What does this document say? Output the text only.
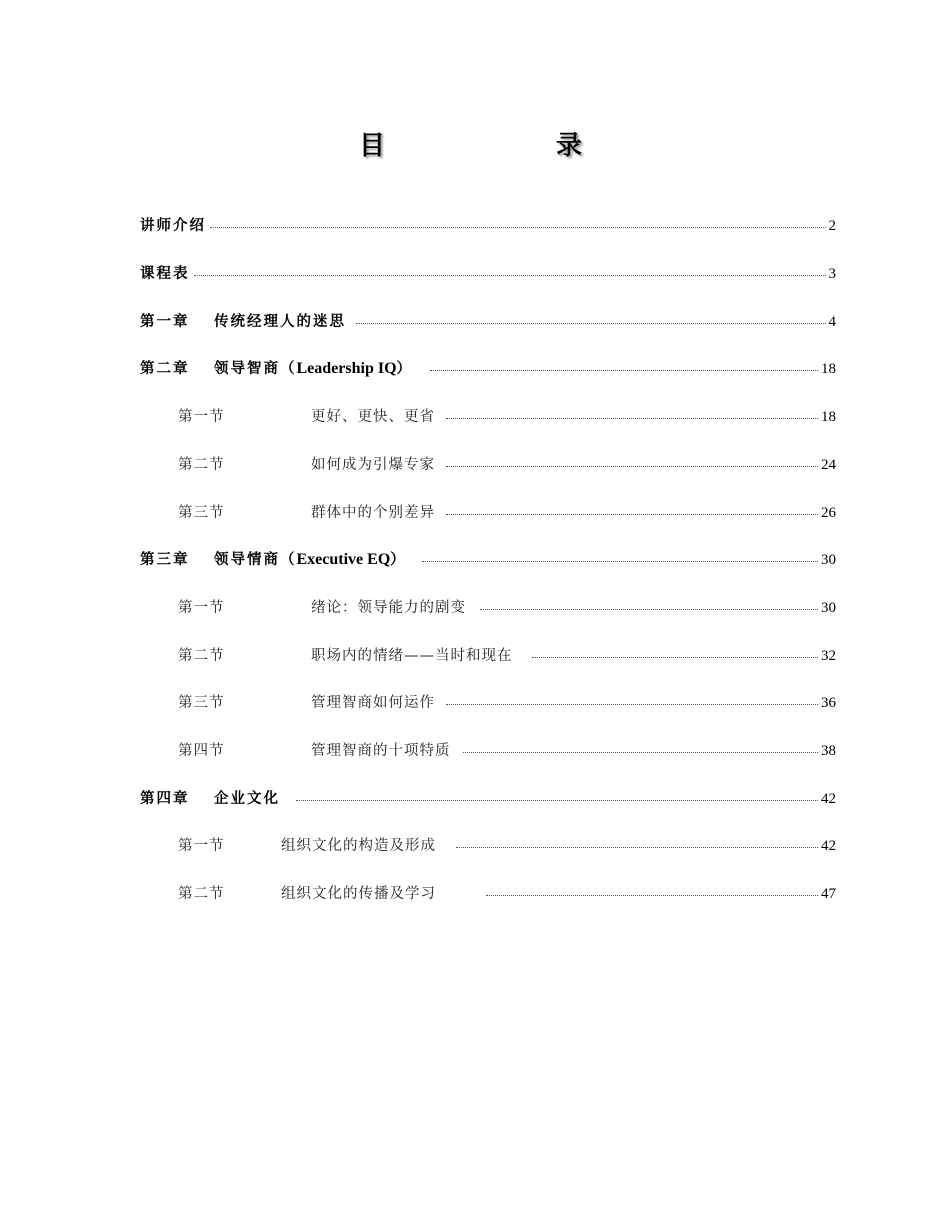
目	录
讲师介绍	2
课程表	3
第一章 传统经理人的迷思	4
第二章 领导智商（Leadership IQ）	18
第一节	更好、更快、更省	18
第二节	如何成为引爆专家	24
第三节	群体中的个别差异	26
第三章 领导情商（Executive EQ）	30
第一节	绪论：领导能力的剧变	30
第二节	职场内的情绪——当时和现在	32
第三节	管理智商如何运作	36
第四节	管理智商的十项特质	38
第四章 企业文化	42
第一节	组织文化的构造及形成	42
第二节	组织文化的传播及学习	47
